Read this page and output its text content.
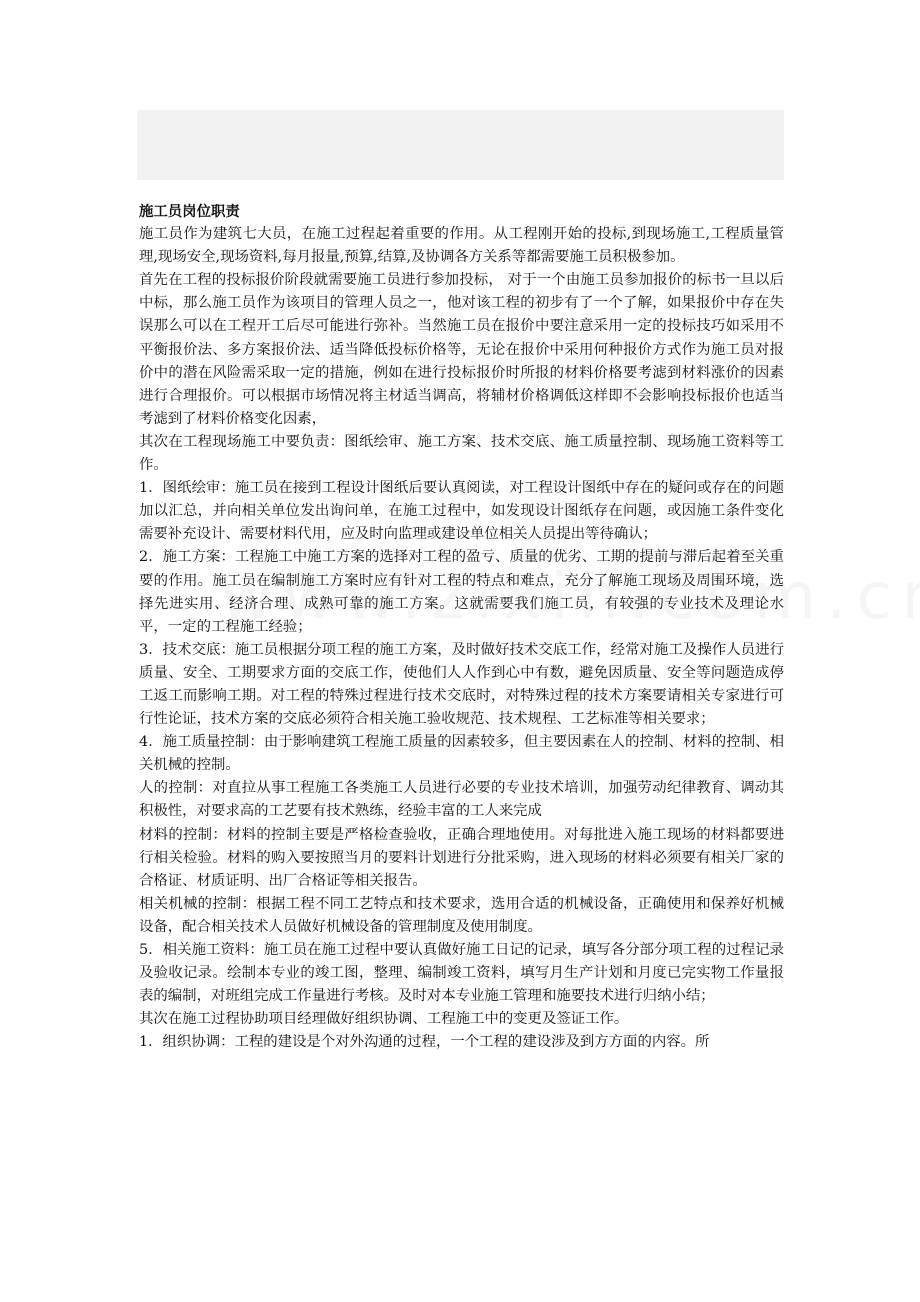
施工员岗位职责

施工员作为建筑七大员，在施工过程起着重要的作用。从工程刚开始的投标,到现场施工,工程质量管理,现场安全,现场资料,每月报量,预算,结算,及协调各方关系等都需要施工员积极参加。

首先在工程的投标报价阶段就需要施工员进行参加投标， 对于一个由施工员参加报价的标书一旦以后中标，那么施工员作为该项目的管理人员之一，他对该工程的初步有了一个了解，如果报价中存在失误那么可以在工程开工后尽可能进行弥补。当然施工员在报价中要注意采用一定的投标技巧如采用不平衡报价法、多方案报价法、适当降低投标价格等，无论在报价中采用何种报价方式作为施工员对报价中的潜在风险需采取一定的措施，例如在进行投标报价时所报的材料价格要考滤到材料涨价的因素进行合理报价。可以根据市场情况将主材适当调高，将辅材价格调低这样即不会影响投标报价也适当考滤到了材料价格变化因素，

其次在工程现场施工中要负责：图纸绘审、施工方案、技术交底、施工质量控制、现场施工资料等工作。

1．图纸绘审：施工员在接到工程设计图纸后要认真阅读，对工程设计图纸中存在的疑问或存在的问题加以汇总，并向相关单位发出询问单，在施工过程中，如发现设计图纸存在问题，或因施工条件变化需要补充设计、需要材料代用，应及时向监理或建设单位相关人员提出等待确认；

2．施工方案：工程施工中施工方案的选择对工程的盈亏、质量的优劣、工期的提前与滞后起着至关重要的作用。施工员在编制施工方案时应有针对工程的特点和难点，充分了解施工现场及周围环境，选择先进实用、经济合理、成熟可靠的施工方案。这就需要我们施工员，有较强的专业技术及理论水平，一定的工程施工经验；

3．技术交底：施工员根据分项工程的施工方案，及时做好技术交底工作，经常对施工及操作人员进行质量、安全、工期要求方面的交底工作，使他们人人作到心中有数，避免因质量、安全等问题造成停工返工而影响工期。对工程的特殊过程进行技术交底时，对特殊过程的技术方案要请相关专家进行可行性论证，技术方案的交底必须符合相关施工验收规范、技术规程、工艺标准等相关要求；

4．施工质量控制：由于影响建筑工程施工质量的因素较多，但主要因素在人的控制、材料的控制、相关机械的控制。

人的控制：对直拉从事工程施工各类施工人员进行必要的专业技术培训，加强劳动纪律教育、调动其积极性，对要求高的工艺要有技术熟练，经验丰富的工人来完成

材料的控制：材料的控制主要是严格检查验收，正确合理地使用。对每批进入施工现场的材料都要进行相关检验。材料的购入要按照当月的要料计划进行分批采购，进入现场的材料必须要有相关厂家的合格证、材质证明、出厂合格证等相关报告。

相关机械的控制：根据工程不同工艺特点和技术要求，选用合适的机械设备，正确使用和保养好机械设备，配合相关技术人员做好机械设备的管理制度及使用制度。

5．相关施工资料：施工员在施工过程中要认真做好施工日记的记录，填写各分部分项工程的过程记录及验收记录。绘制本专业的竣工图，整理、编制竣工资料，填写月生产计划和月度已完实物工作量报表的编制，对班组完成工作量进行考核。及时对本专业施工管理和施要技术进行归纳小结；

其次在施工过程协助项目经理做好组织协调、工程施工中的变更及签证工作。

1．组织协调：工程的建设是个对外沟通的过程，一个工程的建设涉及到方方面的内容。所
